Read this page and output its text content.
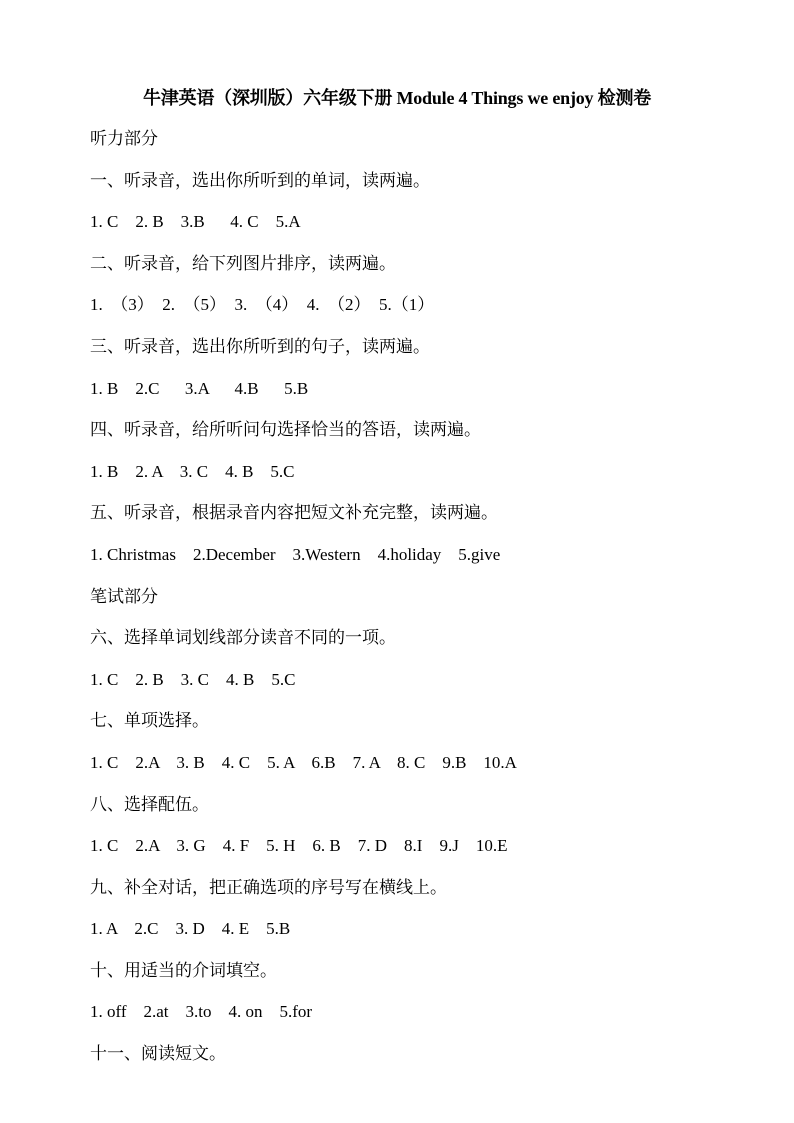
牛津英语（深圳版）六年级下册 Module 4 Things we enjoy 检测卷
听力部分
一、听录音，选出你所听到的单词，读两遍。
1. C    2. B    3.B      4. C    5.A
二、听录音，给下列图片排序，读两遍。
1.  （3）  2.  （5）  3.  （4）  4.  （2）  5.（1）
三、听录音，选出你所听到的句子，读两遍。
1. B    2.C      3.A      4.B      5.B
四、听录音，给所听问句选择恰当的答语，读两遍。
1. B    2. A    3. C    4. B    5.C
五、听录音，根据录音内容把短文补充完整，读两遍。
1. Christmas    2.December    3.Western    4.holiday    5.give
笔试部分
六、选择单词划线部分读音不同的一项。
1. C    2. B    3. C    4. B    5.C
七、单项选择。
1. C    2.A    3. B    4. C    5. A    6.B    7. A    8. C    9.B    10.A
八、选择配伍。
1. C    2.A    3. G    4. F    5. H    6. B    7. D    8.I    9.J    10.E
九、补全对话，把正确选项的序号写在横线上。
1. A    2.C    3. D    4. E    5.B
十、用适当的介词填空。
1. off    2.at    3.to    4. on    5.for
十一、阅读短文。
